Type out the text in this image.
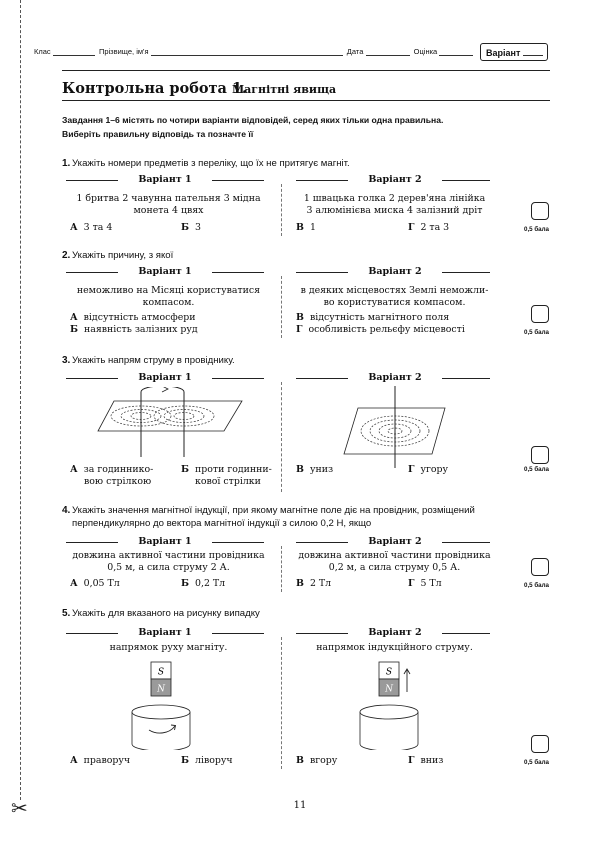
✂
Клас	Прізвище, ім'я	Дата	Оцінка	Варіант
Контрольна робота 1.
Магнітні явища
Завдання 1–6 містять по чотири варіанти відповідей, серед яких тільки одна правильна.
Виберіть правильну відповідь та позначте її
1. Укажіть номери предметів з переліку, що їх не притягує магніт.
Варіант 1	Варіант 2
1 бритва 2 чавунна пательня 3 мідна
монета 4 цвях
1 швацька голка 2 дерев'яна лінійка
3 алюмінієва миска 4 залізний дріт
А 3 та 4	Б 3	В 1	Г 2 та 3	0,5 бала
2. Укажіть причину, з якої
Варіант 1	Варіант 2
неможливо на Місяці користуватися
компасом.
в деяких місцевостях Землі неможли-
во користуватися компасом.
А відсутність атмосфери
Б наявність залізних руд
В відсутність магнітного поля
Г особливість рельєфу місцевості	0,5 бала
3. Укажіть напрям струму в провіднику.
Варіант 1	Варіант 2
А за годиннико-
вою стрілкою
Б проти годинни-
кової стрілки
В униз	Г угору	0,5 бала
4. Укажіть значення магнітної індукції, при якому магнітне поле діє на провідник, розміщений
перпендикулярно до вектора магнітної індукції з силою 0,2 Н, якщо
Варіант 1	Варіант 2
довжина активної частини провідника
0,5 м, а сила струму 2 А.
довжина активної частини провідника
0,2 м, а сила струму 0,5 А.
А 0,05 Тл	Б 0,2 Тл	В 2 Тл	Г 5 Тл	0,5 бала
5. Укажіть для вказаного на рисунку випадку
Варіант 1	Варіант 2
напрямок руху магніту.	напрямок індукційного струму.
S
N
S
N
А праворуч	Б ліворуч	В вгору	Г вниз	0,5 бала
11
